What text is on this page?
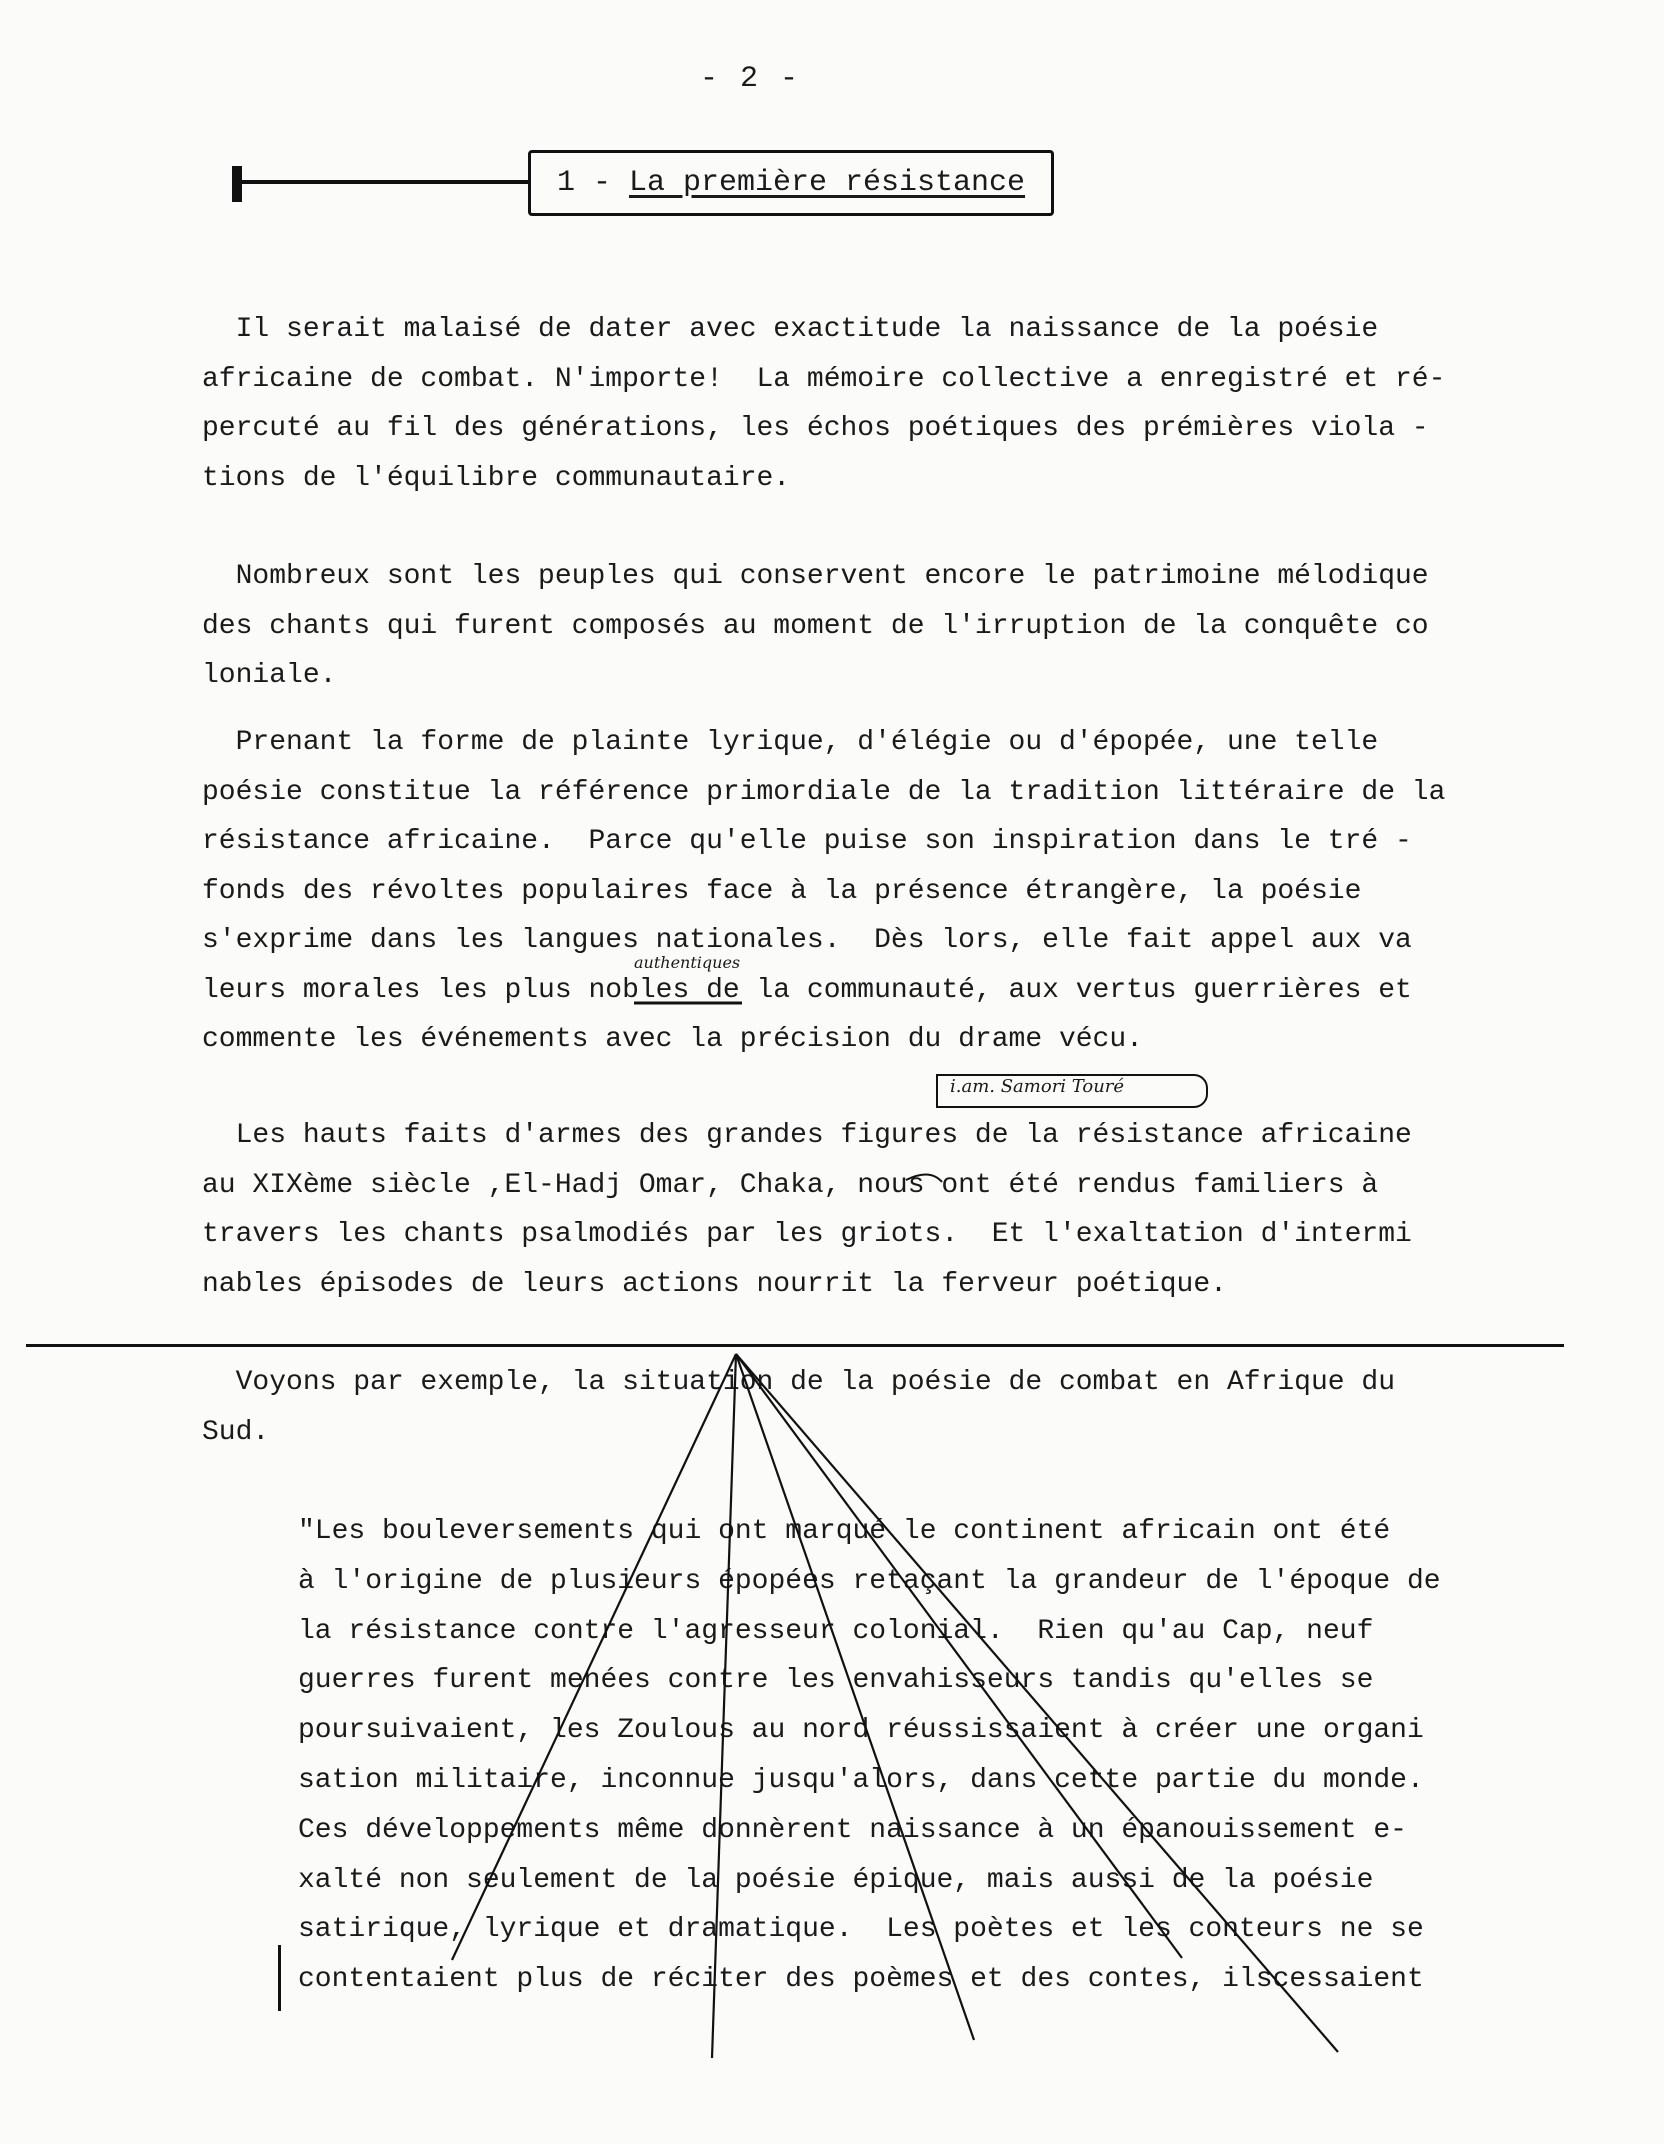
- 2 -
1 - La première résistance
Il serait malaisé de dater avec exactitude la naissance de la poésie
africaine de combat. N'importe!  La mémoire collective a enregistré et ré-
percuté au fil des générations, les échos poétiques des prémières viola -
tions de l'équilibre communautaire.
Nombreux sont les peuples qui conservent encore le patrimoine mélodique
des chants qui furent composés au moment de l'irruption de la conquête co
loniale.
Prenant la forme de plainte lyrique, d'élégie ou d'épopée, une telle
poésie constitue la référence primordiale de la tradition littéraire de la
résistance africaine.  Parce qu'elle puise son inspiration dans le tré -
fonds des révoltes populaires face à la présence étrangère, la poésie
s'exprime dans les langues nationales.  Dès lors, elle fait appel aux va
leurs morales les plus nobles de la communauté, aux vertus guerrières et
commente les événements avec la précision du drame vécu.
Les hauts faits d'armes des grandes figures de la résistance africaine
au XIXème siècle ,El-Hadj Omar, Chaka, nous ont été rendus familiers à
travers les chants psalmodiés par les griots.  Et l'exaltation d'intermi
nables épisodes de leurs actions nourrit la ferveur poétique.
Voyons par exemple, la situation de la poésie de combat en Afrique du
Sud.
"Les bouleversements qui ont marqué le continent africain ont été
à l'origine de plusieurs épopées retaçant la grandeur de l'époque de
la résistance contre l'agresseur colonial.  Rien qu'au Cap, neuf
guerres furent menées contre les envahisseurs tandis qu'elles se
poursuivaient, les Zoulous au nord réussissaient à créer une organi
sation militaire, inconnue jusqu'alors, dans cette partie du monde.
Ces développements même donnèrent naissance à un épanouissement e-
xalté non seulement de la poésie épique, mais aussi de la poésie
satirique, lyrique et dramatique.  Les poètes et les conteurs ne se
contentaient plus de réciter des poèmes et des contes, ilscessaient
authentiques
i.am. Samori Touré
